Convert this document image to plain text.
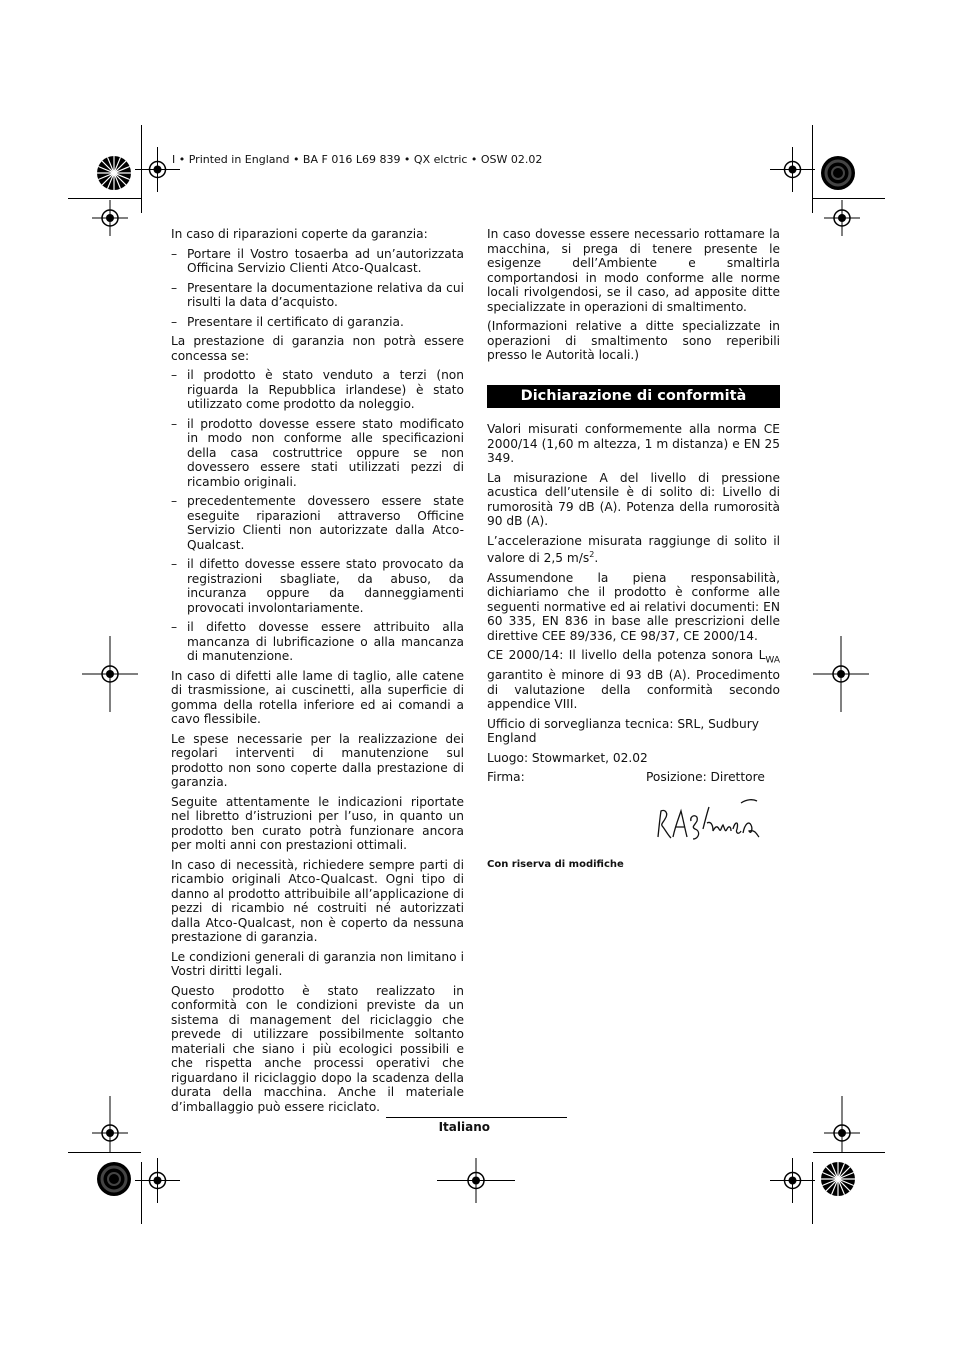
I • Printed in England • BA F 016 L69 839 • QX elctric • OSW 02.02

In caso di riparazioni coperte da garanzia:

– Portare il Vostro tosaerba ad un’autorizzata Officina Servizio Clienti Atco-Qualcast.
– Presentare la documentazione relativa da cui risulti la data d’acquisto.
– Presentare il certificato di garanzia.

La prestazione di garanzia non potrà essere concessa se:

– il prodotto è stato venduto a terzi (non riguarda la Repubblica irlandese) è stato utilizzato come prodotto da noleggio.
– il prodotto dovesse essere stato modificato in modo non conforme alle specificazioni della casa costruttrice oppure se non dovessero essere stati utilizzati pezzi di ricambio originali.
– precedentemente dovessero essere state eseguite riparazioni attraverso Officine Servizio Clienti non autorizzate dalla Atco-Qualcast.
– il difetto dovesse essere stato provocato da registrazioni sbagliate, da abuso, da incuranza oppure da danneggiamenti provocati involontariamente.
– il difetto dovesse essere attribuito alla mancanza di lubrificazione o alla mancanza di manutenzione.

In caso di difetti alle lame di taglio, alle catene di trasmissione, ai cuscinetti, alla superficie di gomma della rotella inferiore ed ai comandi a cavo flessibile.

Le spese necessarie per la realizzazione dei regolari interventi di manutenzione sul prodotto non sono coperte dalla prestazione di garanzia.

Seguite attentamente le indicazioni riportate nel libretto d’istruzioni per l’uso, in quanto un prodotto ben curato potrà funzionare ancora per molti anni con prestazioni ottimali.

In caso di necessità, richiedere sempre parti di ricambio originali Atco-Qualcast. Ogni tipo di danno al prodotto attribuibile all’applicazione di pezzi di ricambio né costruiti né autorizzati dalla Atco-Qualcast, non è coperto da nessuna prestazione di garanzia.

Le condizioni generali di garanzia non limitano i Vostri diritti legali.

Questo prodotto è stato realizzato in conformità con le condizioni previste da un sistema di management del riciclaggio che prevede di utilizzare possibilmente soltanto materiali che siano i più ecologici possibili e che rispetta anche processi operativi che riguardano il riciclaggio dopo la scadenza della durata della macchina. Anche il materiale d’imballaggio può essere riciclato.

In caso dovesse essere necessario rottamare la macchina, si prega di tenere presente le esigenze dell’Ambiente e smaltirla comportandosi in modo conforme alle norme locali rivolgendosi, se il caso, ad apposite ditte specializzate in operazioni di smaltimento.

(Informazioni relative a ditte specializzate in operazioni di smaltimento sono reperibili presso le Autorità locali.)

Dichiarazione di conformità

Valori misurati conformemente alla norma CE 2000/14 (1,60 m altezza, 1 m distanza) e EN 25 349.

La misurazione A del livello di pressione acustica dell’utensile è di solito di: Livello di rumorosità 79 dB (A). Potenza della rumorosità 90 dB (A).

L’accelerazione misurata raggiunge di solito il valore di 2,5 $m/s^2$.

Assumendone la piena responsabilità, dichiariamo che il prodotto è conforme alle seguenti normative ed ai relativi documenti: EN 60 335, EN 836 in base alle prescrizioni delle direttive CEE 89/336, CE 98/37, CE 2000/14.

CE 2000/14: Il livello della potenza sonora $L_{WA}$ garantito è minore di 93 dB (A). Procedimento di valutazione della conformità secondo appendice VIII.

Ufficio di sorveglianza tecnica: SRL, Sudbury England

Luogo: Stowmarket, 02.02

Firma:	Posizione: Direttore
Con riserva di modifiche
Italiano
